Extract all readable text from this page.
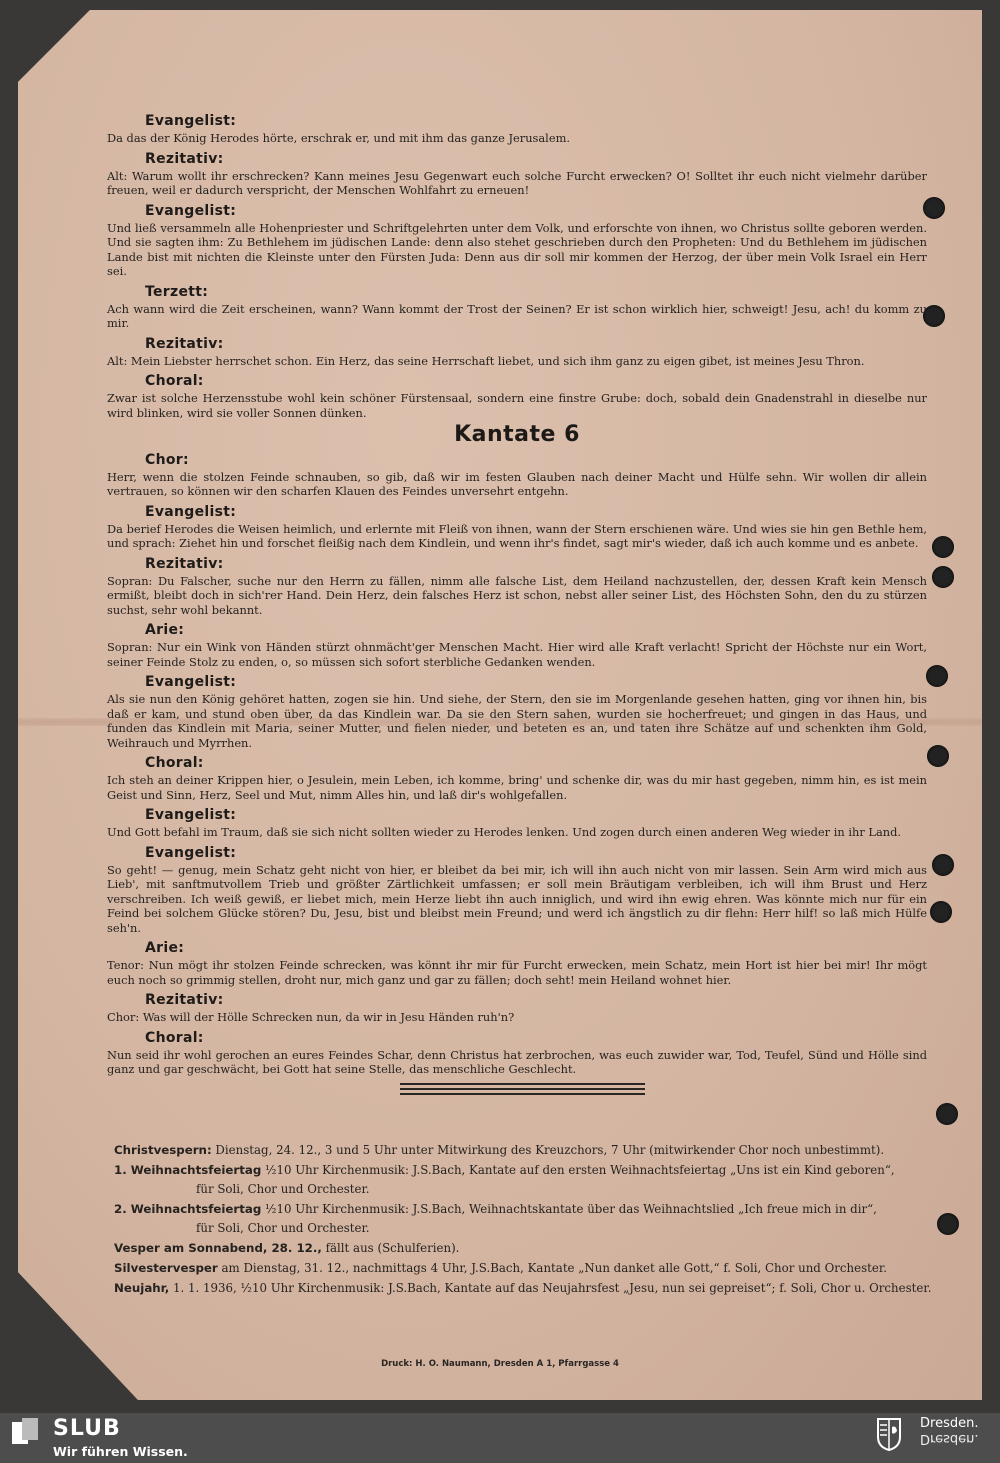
Evangelist:
Da das der König Herodes hörte, erschrak er, und mit ihm das ganze Jerusalem.
Rezitativ:
Alt: Warum wollt ihr erschrecken? Kann meines Jesu Gegenwart euch solche Furcht erwecken? O! Solltet ihr euch nicht vielmehr darüber freuen, weil er dadurch verspricht, der Menschen Wohlfahrt zu erneuen!
Evangelist:
Und ließ versammeln alle Hohenpriester und Schriftgelehrten unter dem Volk, und erforschte von ihnen, wo Christus sollte geboren werden. Und sie sagten ihm: Zu Bethlehem im jüdischen Lande: denn also stehet geschrieben durch den Propheten: Und du Bethlehem im jüdischen Lande bist mit nichten die Kleinste unter den Fürsten Juda: Denn aus dir soll mir kommen der Herzog, der über mein Volk Israel ein Herr sei.
Terzett:
Ach wann wird die Zeit erscheinen, wann? Wann kommt der Trost der Seinen? Er ist schon wirklich hier, schweigt! Jesu, ach! du komm zu mir.
Rezitativ:
Alt: Mein Liebster herrschet schon. Ein Herz, das seine Herrschaft liebet, und sich ihm ganz zu eigen gibet, ist meines Jesu Thron.
Choral:
Zwar ist solche Herzensstube wohl kein schöner Fürstensaal, sondern eine finstre Grube: doch, sobald dein Gnadenstrahl in dieselbe nur wird blinken, wird sie voller Sonnen dünken.
Kantate 6
Chor:
Herr, wenn die stolzen Feinde schnauben, so gib, daß wir im festen Glauben nach deiner Macht und Hülfe sehn. Wir wollen dir allein vertrauen, so können wir den scharfen Klauen des Feindes unversehrt entgehn.
Evangelist:
Da berief Herodes die Weisen heimlich, und erlernte mit Fleiß von ihnen, wann der Stern erschienen wäre. Und wies sie hin gen Bethle hem, und sprach: Ziehet hin und forschet fleißig nach dem Kindlein, und wenn ihr's findet, sagt mir's wieder, daß ich auch komme und es anbete.
Rezitativ:
Sopran: Du Falscher, suche nur den Herrn zu fällen, nimm alle falsche List, dem Heiland nachzustellen, der, dessen Kraft kein Mensch ermißt, bleibt doch in sich'rer Hand. Dein Herz, dein falsches Herz ist schon, nebst aller seiner List, des Höchsten Sohn, den du zu stürzen suchst, sehr wohl bekannt.
Arie:
Sopran: Nur ein Wink von Händen stürzt ohnmächt'ger Menschen Macht. Hier wird alle Kraft verlacht! Spricht der Höchste nur ein Wort, seiner Feinde Stolz zu enden, o, so müssen sich sofort sterbliche Gedanken wenden.
Evangelist:
Als sie nun den König gehöret hatten, zogen sie hin. Und siehe, der Stern, den sie im Morgenlande gesehen hatten, ging vor ihnen hin, bis daß er kam, und stund oben über, da das Kindlein war. Da sie den Stern sahen, wurden sie hocherfreuet; und gingen in das Haus, und funden das Kindlein mit Maria, seiner Mutter, und fielen nieder, und beteten es an, und taten ihre Schätze auf und schenkten ihm Gold, Weihrauch und Myrrhen.
Choral:
Ich steh an deiner Krippen hier, o Jesulein, mein Leben, ich komme, bring' und schenke dir, was du mir hast gegeben, nimm hin, es ist mein Geist und Sinn, Herz, Seel und Mut, nimm Alles hin, und laß dir's wohlgefallen.
Evangelist:
Und Gott befahl im Traum, daß sie sich nicht sollten wieder zu Herodes lenken. Und zogen durch einen anderen Weg wieder in ihr Land.
Evangelist:
So geht! — genug, mein Schatz geht nicht von hier, er bleibet da bei mir, ich will ihn auch nicht von mir lassen. Sein Arm wird mich aus Lieb', mit sanftmutvollem Trieb und größter Zärtlichkeit umfassen; er soll mein Bräutigam verbleiben, ich will ihm Brust und Herz verschreiben. Ich weiß gewiß, er liebet mich, mein Herze liebt ihn auch inniglich, und wird ihn ewig ehren. Was könnte mich nur für ein Feind bei solchem Glücke stören? Du, Jesu, bist und bleibst mein Freund; und werd ich ängstlich zu dir flehn: Herr hilf! so laß mich Hülfe seh'n.
Arie:
Tenor: Nun mögt ihr stolzen Feinde schrecken, was könnt ihr mir für Furcht erwecken, mein Schatz, mein Hort ist hier bei mir! Ihr mögt euch noch so grimmig stellen, droht nur, mich ganz und gar zu fällen; doch seht! mein Heiland wohnet hier.
Rezitativ:
Chor: Was will der Hölle Schrecken nun, da wir in Jesu Händen ruh'n?
Choral:
Nun seid ihr wohl gerochen an eures Feindes Schar, denn Christus hat zerbrochen, was euch zuwider war, Tod, Teufel, Sünd und Hölle sind ganz und gar geschwächt, bei Gott hat seine Stelle, das menschliche Geschlecht.
Christvespern: Dienstag, 24. 12., 3 und 5 Uhr unter Mitwirkung des Kreuzchors, 7 Uhr (mitwirkender Chor noch unbestimmt).
1. Weihnachtsfeiertag ½10 Uhr Kirchenmusik: J.S.Bach, Kantate auf den ersten Weihnachtsfeiertag „Uns ist ein Kind geboren“,
für Soli, Chor und Orchester.
2. Weihnachtsfeiertag ½10 Uhr Kirchenmusik: J.S.Bach, Weihnachtskantate über das Weihnachtslied „Ich freue mich in dir“,
für Soli, Chor und Orchester.
Vesper am Sonnabend, 28. 12., fällt aus (Schulferien).
Silvestervesper am Dienstag, 31. 12., nachmittags 4 Uhr, J.S.Bach, Kantate „Nun danket alle Gott,“ f. Soli, Chor und Orchester.
Neujahr, 1. 1. 1936, ½10 Uhr Kirchenmusik: J.S.Bach, Kantate auf das Neujahrsfest „Jesu, nun sei gepreiset“; f. Soli, Chor u. Orchester.
Druck: H. O. Naumann, Dresden A 1, Pfarrgasse 4
SLUB
Wir führen Wissen.
Dresden.
Dresden.
